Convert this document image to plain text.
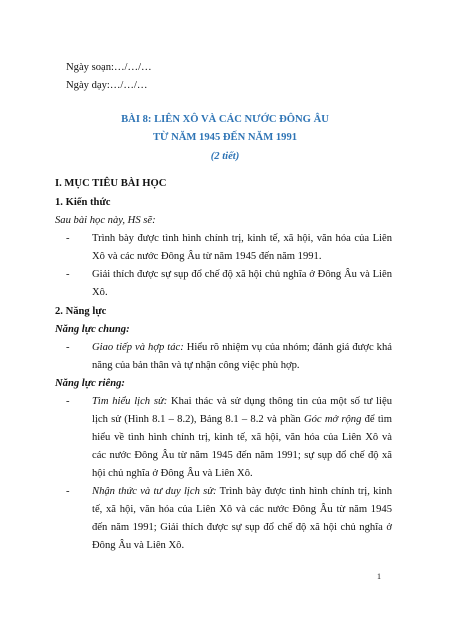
Ngày soạn:…/…/…
Ngày dạy:…/…/…
BÀI 8: LIÊN XÔ VÀ CÁC NƯỚC ĐÔNG ÂU
TỪ NĂM 1945 ĐẾN NĂM 1991
(2 tiết)
I. MỤC TIÊU BÀI HỌC
1. Kiến thức
Sau bài học này, HS sẽ:
- Trình bày được tình hình chính trị, kinh tế, xã hội, văn hóa của Liên
Xô và các nước Đông Âu từ năm 1945 đến năm 1991.
- Giải thích được sự sụp đổ chế độ xã hội chủ nghĩa ở Đông Âu và Liên
Xô.
2. Năng lực
Năng lực chung:
- Giao tiếp và hợp tác: Hiểu rõ nhiệm vụ của nhóm; đánh giá được khả
năng của bản thân và tự nhận công việc phù hợp.
Năng lực riêng:
- Tìm hiểu lịch sử: Khai thác và sử dụng thông tin của một số tư liệu
lịch sử (Hình 8.1 – 8.2), Bảng 8.1 – 8.2 và phần Góc mở rộng để tìm
hiểu về tình hình chính trị, kinh tế, xã hội, văn hóa của Liên Xô và
các nước Đông Âu từ năm 1945 đến năm 1991; sự sụp đổ chế độ xã
hội chủ nghĩa ở Đông Âu và Liên Xô.
- Nhận thức và tư duy lịch sử: Trình bày được tình hình chính trị, kinh
tế, xã hội, văn hóa của Liên Xô và các nước Đông Âu từ năm 1945
đến năm 1991; Giải thích được sự sụp đổ chế độ xã hội chủ nghĩa ở
Đông Âu và Liên Xô.
1
